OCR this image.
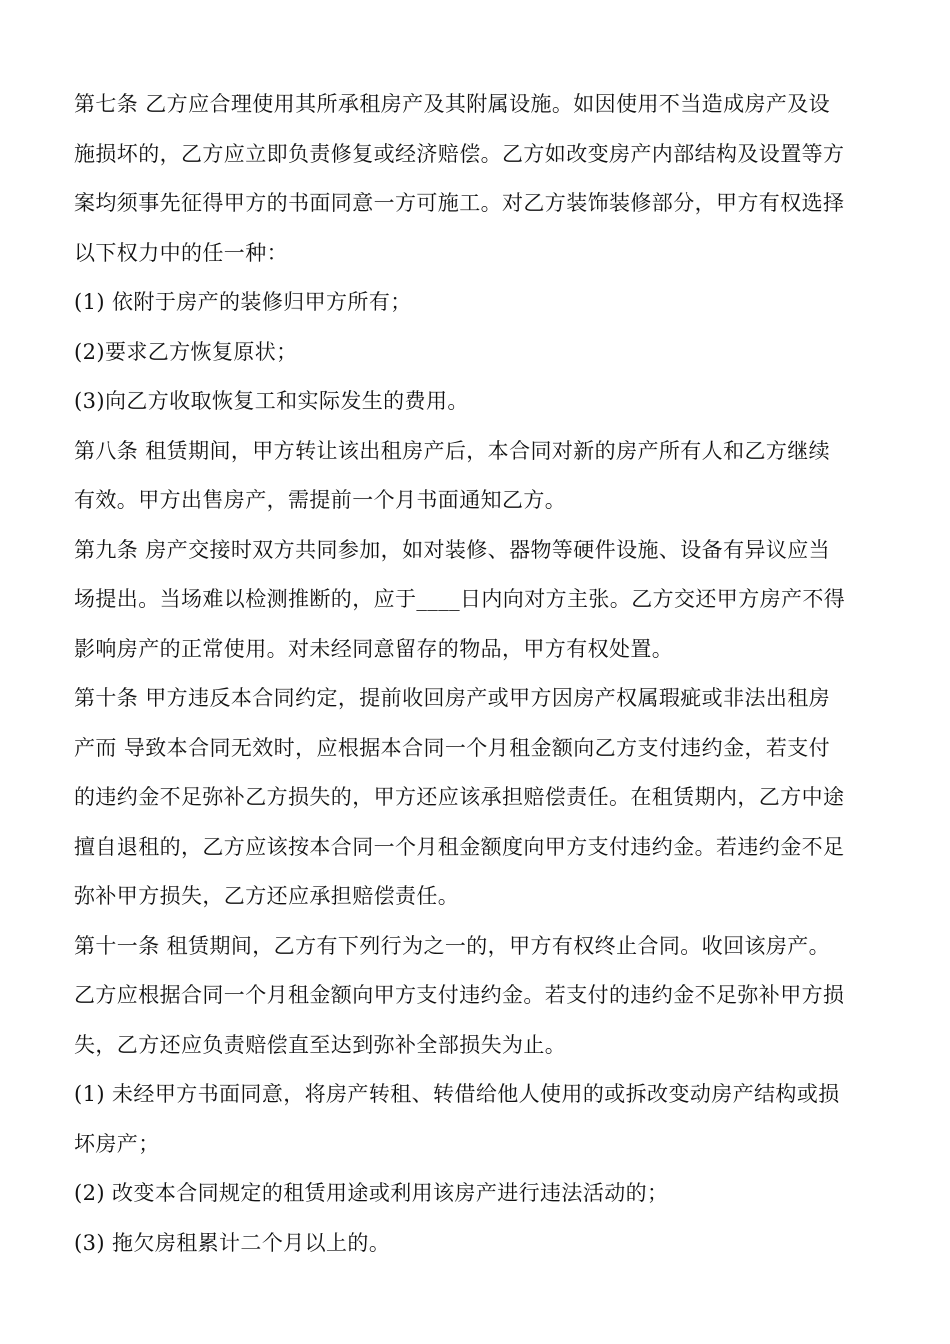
第七条 乙方应合理使用其所承租房产及其附属设施。如因使用不当造成房产及设
施损坏的，乙方应立即负责修复或经济赔偿。乙方如改变房产内部结构及设置等方
案均须事先征得甲方的书面同意一方可施工。对乙方装饰装修部分，甲方有权选择
以下权力中的任一种：
(1) 依附于房产的装修归甲方所有；
(2)要求乙方恢复原状；
(3)向乙方收取恢复工和实际发生的费用。
第八条 租赁期间，甲方转让该出租房产后，本合同对新的房产所有人和乙方继续
有效。甲方出售房产，需提前一个月书面通知乙方。
第九条 房产交接时双方共同参加，如对装修、器物等硬件设施、设备有异议应当
场提出。当场难以检测推断的，应于____日内向对方主张。乙方交还甲方房产不得
影响房产的正常使用。对未经同意留存的物品，甲方有权处置。
第十条 甲方违反本合同约定，提前收回房产或甲方因房产权属瑕疵或非法出租房
产而 导致本合同无效时，应根据本合同一个月租金额向乙方支付违约金，若支付
的违约金不足弥补乙方损失的，甲方还应该承担赔偿责任。在租赁期内，乙方中途
擅自退租的，乙方应该按本合同一个月租金额度向甲方支付违约金。若违约金不足
弥补甲方损失，乙方还应承担赔偿责任。
第十一条 租赁期间，乙方有下列行为之一的，甲方有权终止合同。收回该房产。
乙方应根据合同一个月租金额向甲方支付违约金。若支付的违约金不足弥补甲方损
失，乙方还应负责赔偿直至达到弥补全部损失为止。
(1) 未经甲方书面同意，将房产转租、转借给他人使用的或拆改变动房产结构或损
坏房产；
(2) 改变本合同规定的租赁用途或利用该房产进行违法活动的；
(3) 拖欠房租累计二个月以上的。
